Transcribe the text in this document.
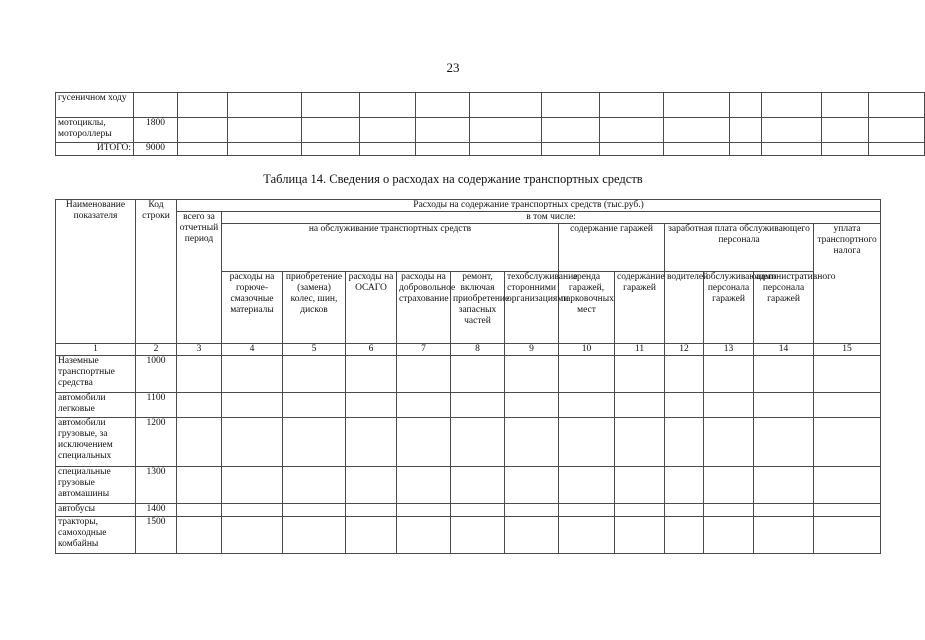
23
гусеничном ходу														
мотоциклы, мотороллеры	1800													
ИТОГО:	9000													
Таблица 14. Сведения о расходах на содержание транспортных средств
Наименование показателя	Код строки	Расходы на содержание транспортных средств (тыс.руб.)												
		всего за отчетный период	в том числе:											
			на обслуживание транспортных средств						содержание гаражей		заработная плата обслуживающего персонала			уплата транспортного налога
			расходы на горюче-смазочные материалы	приобретение (замена) колес, шин, дисков	расходы на ОСАГО	расходы на добровольное страхование	ремонт, включая приобретение запасных частей	техобслуживание сторонними организациями	аренда гаражей, парковочных мест	содержание гаражей	водителей	обслуживающего персонала гаражей	административного персонала гаражей	
1	2	3	4	5	6	7	8	9	10	11	12	13	14	15
Наземные транспортные средства	1000													
автомобили легковые	1100													
автомобили грузовые, за исключением специальных	1200													
специальные грузовые автомашины	1300													
автобусы	1400													
тракторы, самоходные комбайны	1500													
